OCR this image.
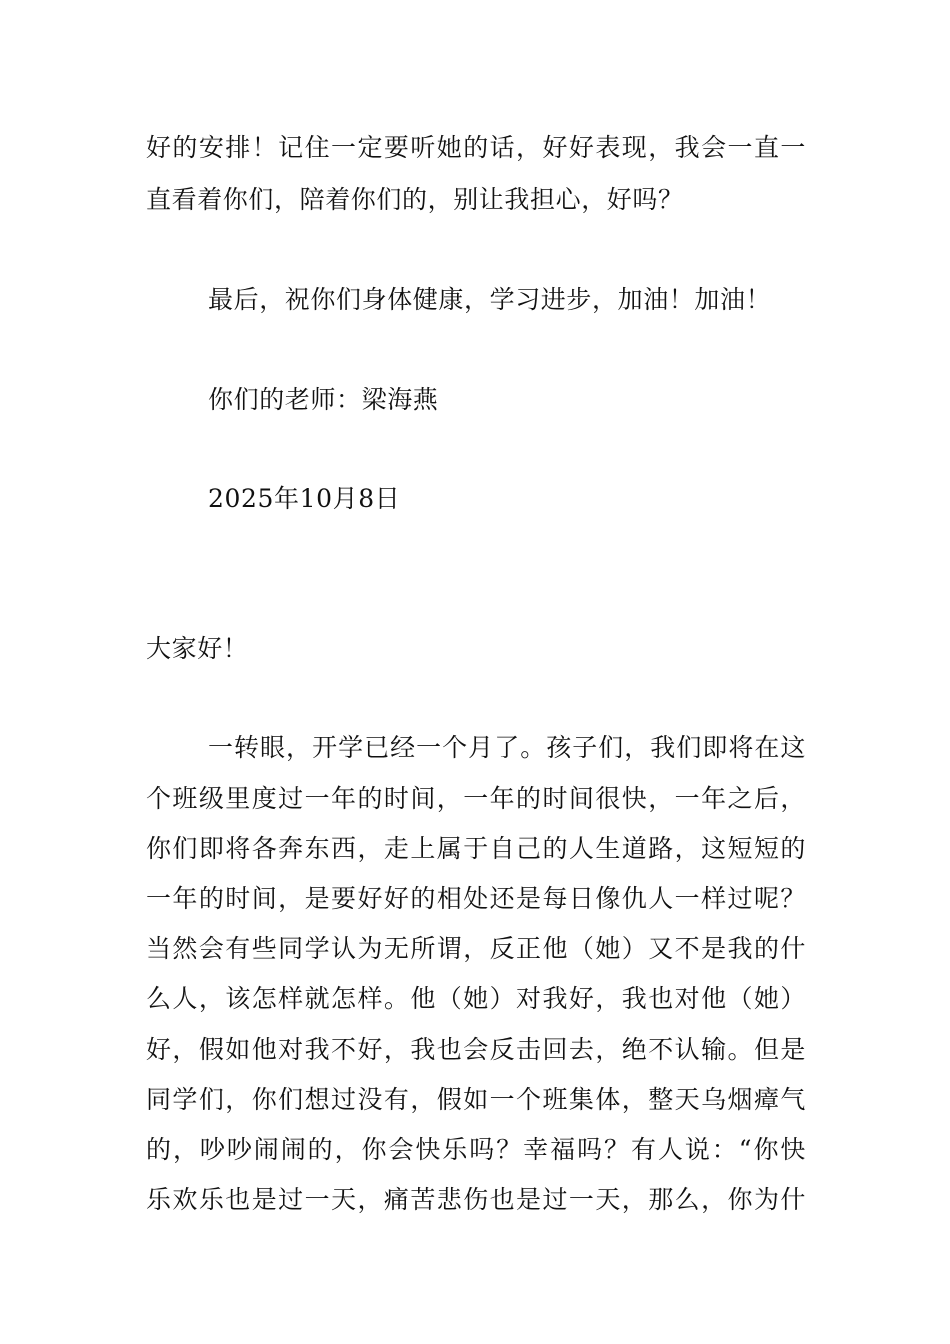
好的安排！记住一定要听她的话，好好表现，我会一直一
直看着你们，陪着你们的，别让我担心，好吗？
最后，祝你们身体健康，学习进步，加油！加油！
你们的老师：梁海燕
2025年10月8日
大家好！
一转眼，开学已经一个月了。孩子们，我们即将在这
个班级里度过一年的时间，一年的时间很快，一年之后，
你们即将各奔东西，走上属于自己的人生道路，这短短的
一年的时间，是要好好的相处还是每日像仇人一样过呢？
当然会有些同学认为无所谓，反正他（她）又不是我的什
么人，该怎样就怎样。他（她）对我好，我也对他（她）
好，假如他对我不好，我也会反击回去，绝不认输。但是
同学们，你们想过没有，假如一个班集体，整天乌烟瘴气
的，吵吵闹闹的，你会快乐吗？幸福吗？有人说：“你快
乐欢乐也是过一天，痛苦悲伤也是过一天，那么，你为什
